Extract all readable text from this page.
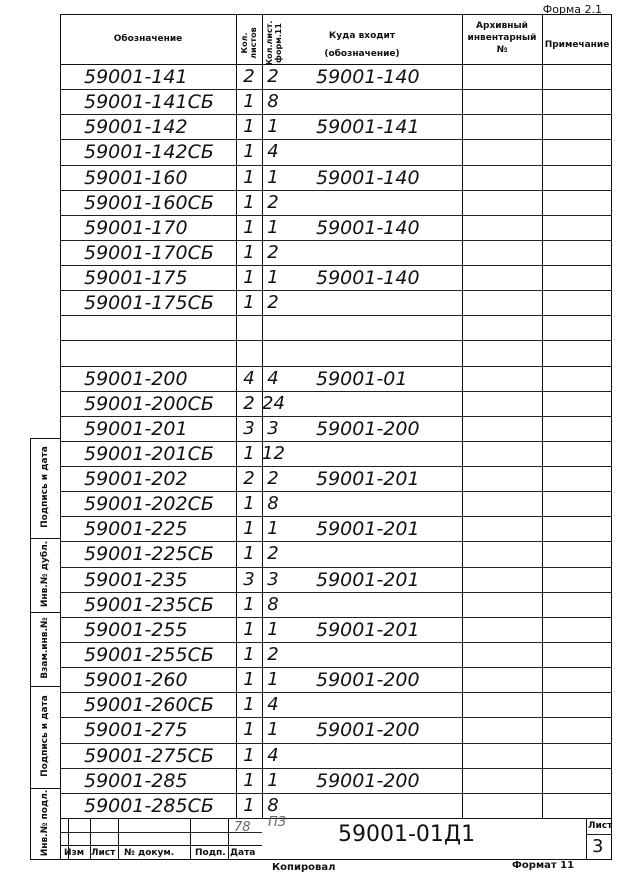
Форма 2.1
Обозначение	Кол. листов Кол.лист. форм.11	Куда входит
(обозначение)
Архивный
инвентарный
№	Примечание
59001-141	2 2 59001-140
59001-141СБ	1 8
59001-142	1 1 59001-141
59001-142СБ	1 4
59001-160	1 1 59001-140
59001-160СБ	1 2
59001-170	1 1 59001-140
59001-170СБ	1 2
59001-175	1 1 59001-140
59001-175СБ	1 2
59001-200	4 4 59001-01
59001-200СБ	2 24
59001-201	3 3 59001-200
59001-201СБ	1 12
59001-202	2 2 59001-201
59001-202СБ	1 8
59001-225	1 1 59001-201
59001-225СБ	1 2
59001-235	3 3 59001-201
59001-235СБ	1 8
59001-255	1 1 59001-201
59001-255СБ	1 2
59001-260	1 1 59001-200
59001-260СБ	1 4
59001-275	1 1 59001-200
59001-275СБ	1 4
59001-285	1 1 59001-200
59001-285СБ	1 8
Изм Лист № докум. Подп. Дата
78 ПЗ 59001-01Д1	Лист
3
Копировал	Формат 11
Подпись и дата
Инв.№ дубл.
Взам.инв.№
Подпись и дата
Инв.№ подл.
